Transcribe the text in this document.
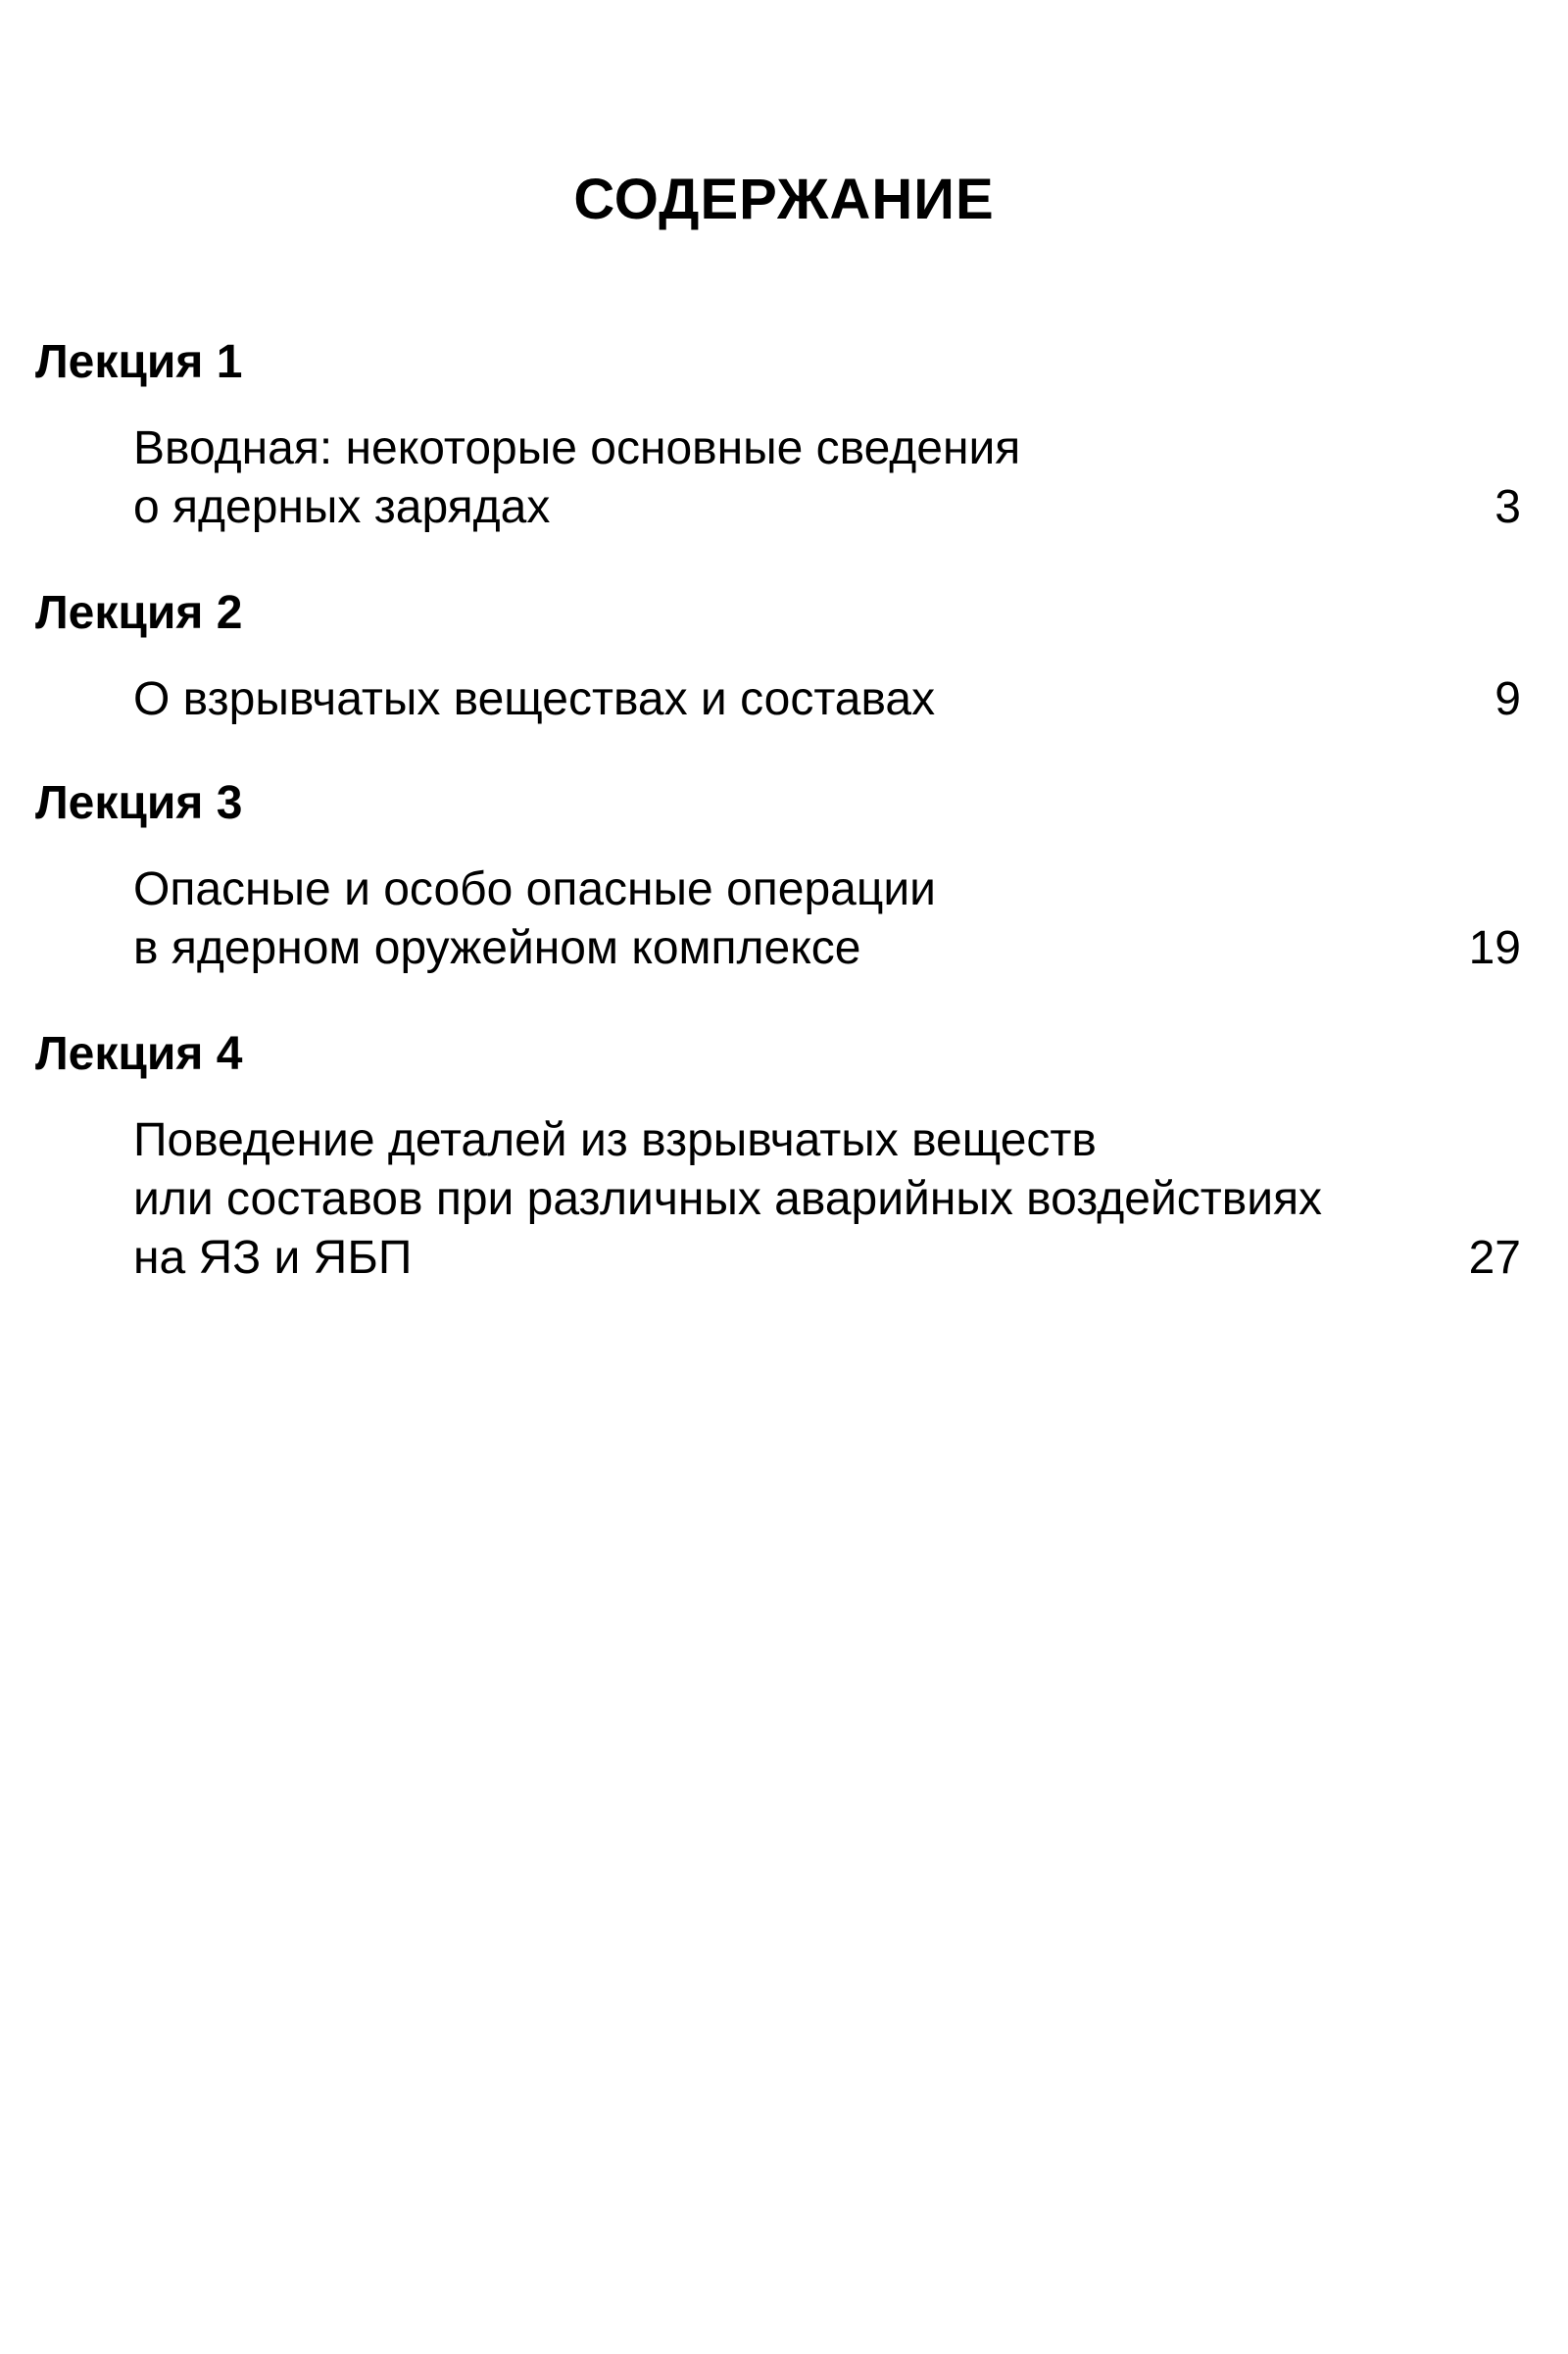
СОДЕРЖАНИЕ
Лекция 1
Вводная: некоторые основные сведения
о ядерных зарядах	3
Лекция 2
О взрывчатых веществах и составах	9
Лекция 3
Опасные и особо опасные операции
в ядерном оружейном комплексе	19
Лекция 4
Поведение деталей из взрывчатых веществ
или составов при различных аварийных воздействиях
на ЯЗ и ЯБП	27
